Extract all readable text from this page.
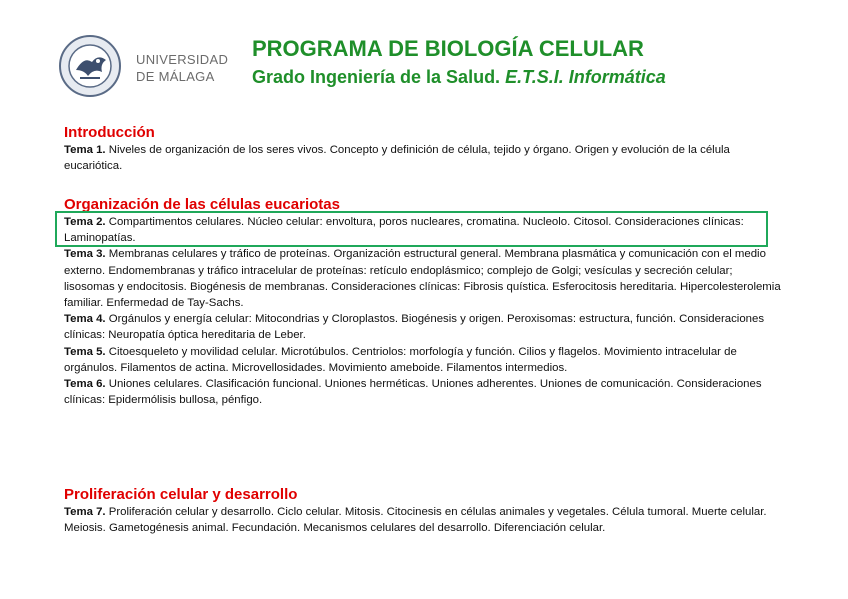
UNIVERSIDAD
DE MÁLAGA
PROGRAMA DE BIOLOGÍA CELULAR
Grado Ingeniería de la Salud. E.T.S.I. Informática
Introducción

Tema 1. Niveles de organización de los seres vivos. Concepto y definición de célula, tejido y órgano. Origen y evolución de la célula eucariótica.

Organización de las células eucariotas

Tema 2. Compartimentos celulares. Núcleo celular: envoltura, poros nucleares, cromatina. Nucleolo. Citosol. Consideraciones clínicas: Laminopatías.

Tema 3. Membranas celulares y tráfico de proteínas. Organización estructural general. Membrana plasmática y comunicación con el medio externo. Endomembranas y tráfico intracelular de proteínas: retículo endoplásmico; complejo de Golgi; vesículas y secreción celular; lisosomas y endocitosis. Biogénesis de membranas. Consideraciones clínicas: Fibrosis quística. Esferocitosis hereditaria. Hipercolesterolemia familiar. Enfermedad de Tay-Sachs.

Tema 4. Orgánulos y energía celular: Mitocondrias y Cloroplastos. Biogénesis y origen. Peroxisomas: estructura, función. Consideraciones clínicas: Neuropatía óptica hereditaria de Leber.

Tema 5. Citoesqueleto y movilidad celular. Microtúbulos. Centriolos: morfología y función. Cilios y flagelos. Movimiento intracelular de orgánulos. Filamentos de actina. Microvellosidades. Movimiento ameboide. Filamentos intermedios.

Tema 6. Uniones celulares. Clasificación funcional. Uniones herméticas. Uniones adherentes. Uniones de comunicación. Consideraciones clínicas: Epidermólisis bullosa, pénfigo.

Proliferación celular y desarrollo

Tema 7. Proliferación celular y desarrollo. Ciclo celular. Mitosis. Citocinesis en células animales y vegetales. Célula tumoral. Muerte celular. Meiosis. Gametogénesis animal. Fecundación. Mecanismos celulares del desarrollo. Diferenciación celular.
